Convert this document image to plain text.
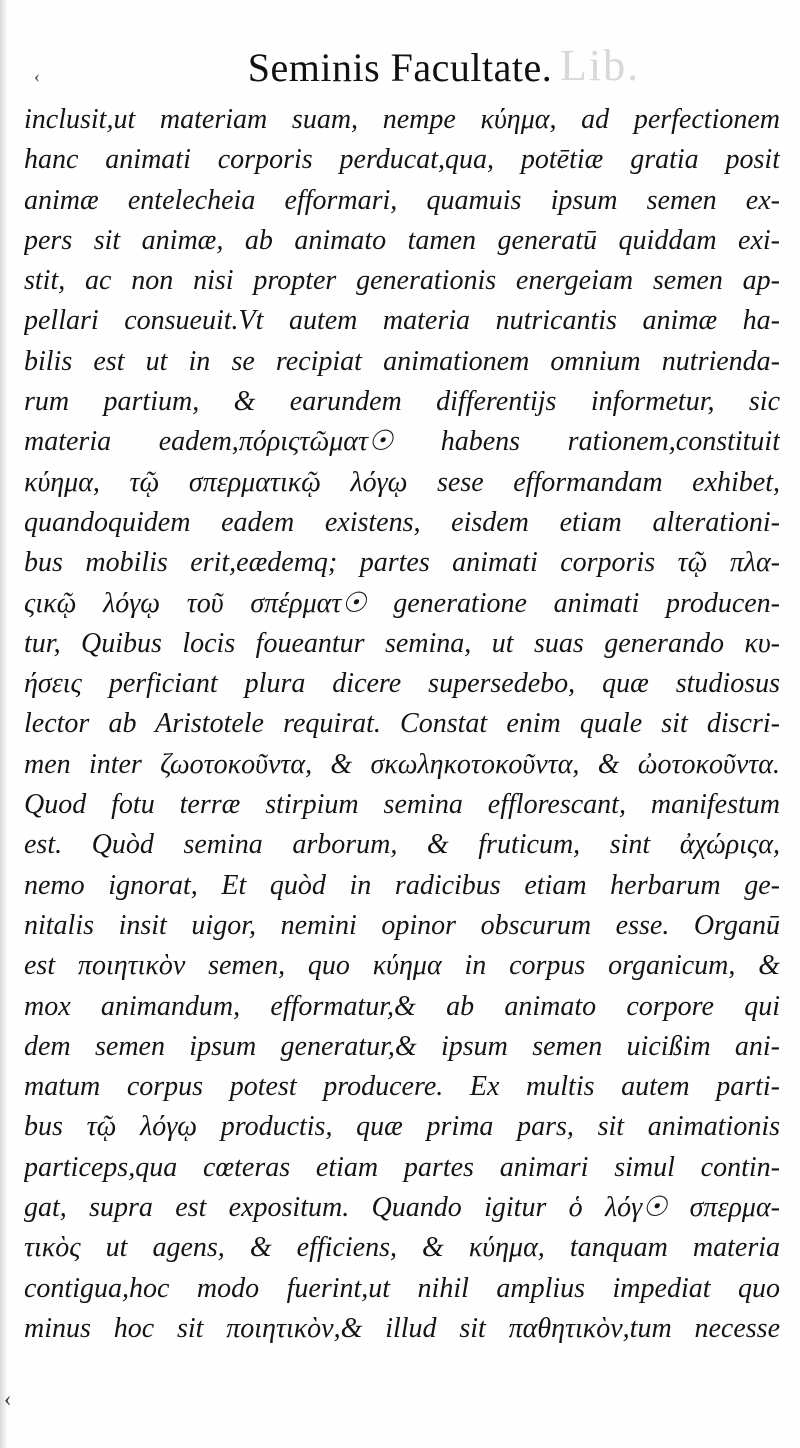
Lib.
‹	Seminis Facultate.
inclusit,ut materiam suam, nempe κύημα, ad perfectionem
hanc animati corporis perducat,qua, potētiæ gratia posit
animæ entelecheia efformari, quamuis ipsum semen ex-
pers sit animæ, ab animato tamen generatū quiddam exi-
stit, ac non nisi propter generationis energeiam semen ap-
pellari consueuit.Vt autem materia nutricantis animæ ha-
bilis est ut in se recipiat animationem omnium nutrienda-
rum partium, & earundem differentijs informetur, sic
materia eadem,πόριςτῶματ☉ habens rationem,constituit
κύημα, τῷ σπερματικῷ λόγῳ sese efformandam exhibet,
quandoquidem eadem existens, eisdem etiam alterationi-
bus mobilis erit,eædemq; partes animati corporis τῷ πλα-
ςικῷ λόγῳ τοῦ σπέρματ☉ generatione animati producen-
tur, Quibus locis foueantur semina, ut suas generando κυ-
ήσεις perficiant plura dicere supersedebo, quæ studiosus
lector ab Aristotele requirat. Constat enim quale sit discri-
men inter ζωοτοκοῦντα, & σκωληκοτοκοῦντα, & ὠοτοκοῦντα.
Quod fotu terræ stirpium semina efflorescant, manifestum
est. Quòd semina arborum, & fruticum, sint ἀχώριςα,
nemo ignorat, Et quòd in radicibus etiam herbarum ge-
nitalis insit uigor, nemini opinor obscurum esse. Organū
est ποιητικὸν semen, quo κύημα in corpus organicum, &
mox animandum, efformatur,& ab animato corpore qui
dem semen ipsum generatur,& ipsum semen uicißim ani-
matum corpus potest producere. Ex multis autem parti-
bus τῷ λόγῳ productis, quæ prima pars, sit animationis
particeps,qua cœteras etiam partes animari simul contin-
gat, supra est expositum. Quando igitur ὁ λόγ☉ σπερμα-
τικὸς ut agens, & efficiens, & κύημα, tanquam materia
contigua,hoc modo fuerint,ut nihil amplius impediat quo
minus hoc sit ποιητικὸν,& illud sit παθητικὸν,tum necesse
‹
